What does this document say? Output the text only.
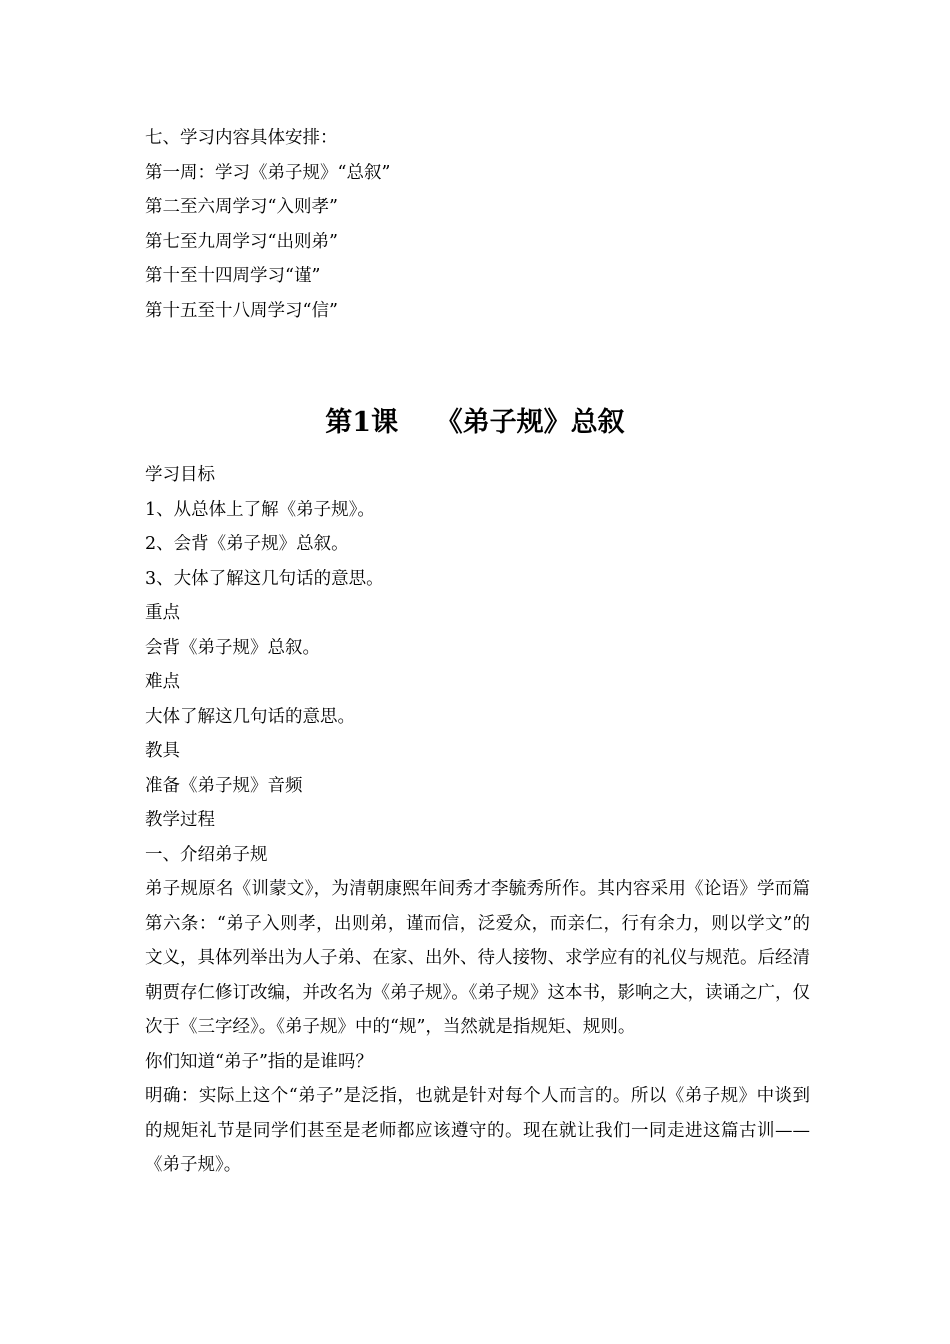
七、学习内容具体安排：
第一周：学习《弟子规》“总叙”
第二至六周学习“入则孝”
第七至九周学习“出则弟”
第十至十四周学习“谨”
第十五至十八周学习“信”
第1课    《弟子规》总叙
学习目标
1、从总体上了解《弟子规》。
2、会背《弟子规》总叙。
3、大体了解这几句话的意思。
重点
会背《弟子规》总叙。
难点
大体了解这几句话的意思。
教具
准备《弟子规》音频
教学过程
一、介绍弟子规
弟子规原名《训蒙文》，为清朝康熙年间秀才李毓秀所作。其内容采用《论语》学而篇第六条：“弟子入则孝，出则弟，谨而信，泛爱众，而亲仁，行有余力，则以学文”的文义，具体列举出为人子弟、在家、出外、待人接物、求学应有的礼仪与规范。后经清朝贾存仁修订改编，并改名为《弟子规》。《弟子规》这本书，影响之大，读诵之广，仅次于《三字经》。《弟子规》中的“规”，当然就是指规矩、规则。
你们知道“弟子”指的是谁吗？
明确：实际上这个“弟子”是泛指，也就是针对每个人而言的。所以《弟子规》中谈到的规矩礼节是同学们甚至是老师都应该遵守的。现在就让我们一同走进这篇古训——《弟子规》。
